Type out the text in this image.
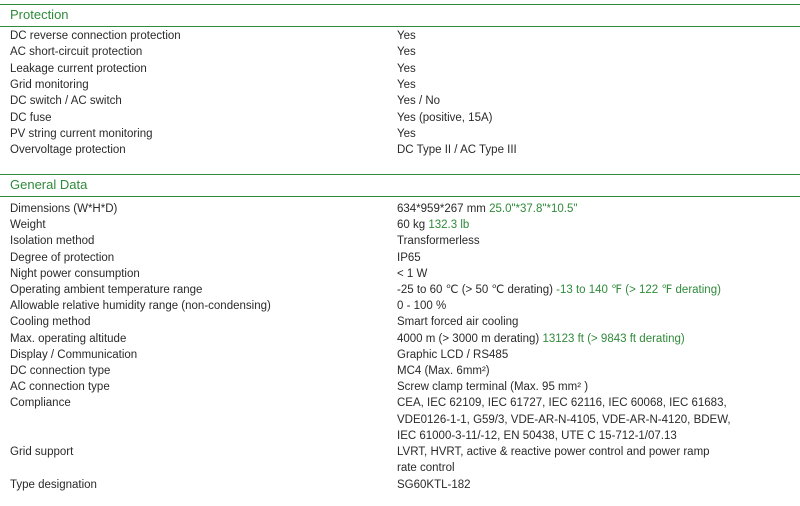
Protection
DC reverse connection protection	Yes
AC short-circuit protection	Yes
Leakage current protection	Yes
Grid monitoring	Yes
DC switch / AC switch	Yes / No
DC fuse	Yes (positive, 15A)
PV string current monitoring	Yes
Overvoltage protection	DC Type II / AC Type III
General Data
Dimensions (W*H*D)	634*959*267 mm 25.0"*37.8"*10.5"
Weight	60 kg 132.3 lb
Isolation method	Transformerless
Degree of protection	IP65
Night power consumption	< 1 W
Operating ambient temperature range	-25 to 60 ℃ (> 50 ℃ derating) -13 to 140 ℉ (> 122 ℉ derating)
Allowable relative humidity range (non-condensing)	0 - 100 %
Cooling method	Smart forced air cooling
Max. operating altitude	4000 m (> 3000 m derating) 13123 ft (> 9843 ft derating)
Display / Communication	Graphic LCD / RS485
DC connection type	MC4 (Max. 6mm²)
AC connection type	Screw clamp terminal (Max. 95 mm² )
Compliance	CEA, IEC 62109, IEC 61727, IEC 62116, IEC 60068, IEC 61683,
VDE0126-1-1, G59/3, VDE-AR-N-4105, VDE-AR-N-4120, BDEW,
IEC 61000-3-11/-12, EN 50438, UTE C 15-712-1/07.13
Grid support	LVRT, HVRT, active & reactive power control and power ramp
rate control
Type designation	SG60KTL-182
